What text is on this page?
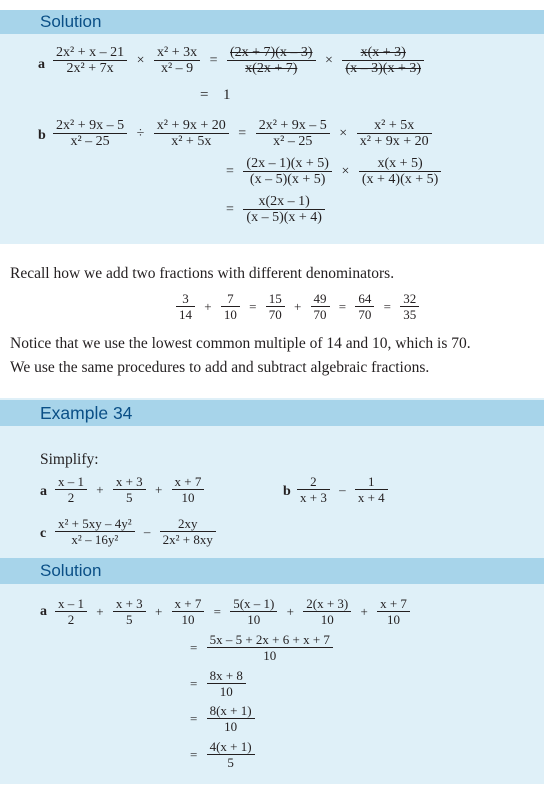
Solution
a $\frac{\text{2x² + x – 21}}{\text{2x² + 7x}} \times \frac{\text{x² + 3x}}{\text{x² – 9}} = \frac{(2x + 7)(x - 3)}{x(2x + 7)} \times \frac{x(x + 3)}{(x - 3)(x + 3)}$
= 1
b $\frac{\text{2x² + 9x – 5}}{\text{x² – 25}} \div \frac{\text{x² + 9x + 20}}{\text{x² + 5x}} = \frac{\text{2x² + 9x – 5}}{\text{x² – 25}} \times \frac{\text{x² + 5x}}{\text{x² + 9x + 20}}$
= $\frac{(2x - 1)(x + 5)}{(x - 5)(x + 5)} \times \frac{x(x + 5)}{(x + 4)(x + 5)}$
= $\frac{x(2x - 1)}{(x - 5)(x + 4)}$
Recall how we add two fractions with different denominators.
$\frac{3}{14} + \frac{7}{10} = \frac{15}{70} + \frac{49}{70} = \frac{64}{70} = \frac{32}{35}$
Notice that we use the lowest common multiple of 14 and 10, which is 70.
We use the same procedures to add and subtract algebraic fractions.
Example 34
Simplify:
a $\frac{x - 1}{2} + \frac{x + 3}{5} + \frac{x + 7}{10}$	b $\frac{2}{x + 3} - \frac{1}{x + 4}$
c $\frac{\text{x² + 5xy – 4y²}}{\text{x² – 16y²}} - \frac{2xy}{\text{2x² + 8xy}}$
Solution
a $\frac{x - 1}{2} + \frac{x + 3}{5} + \frac{x + 7}{10} = \frac{5(x - 1)}{10} + \frac{2(x + 3)}{10} + \frac{x + 7}{10}$
= $\frac{5x - 5 + 2x + 6 + x + 7}{10}$
= $\frac{8x + 8}{10}$
= $\frac{8(x + 1)}{10}$
= $\frac{4(x + 1)}{5}$
